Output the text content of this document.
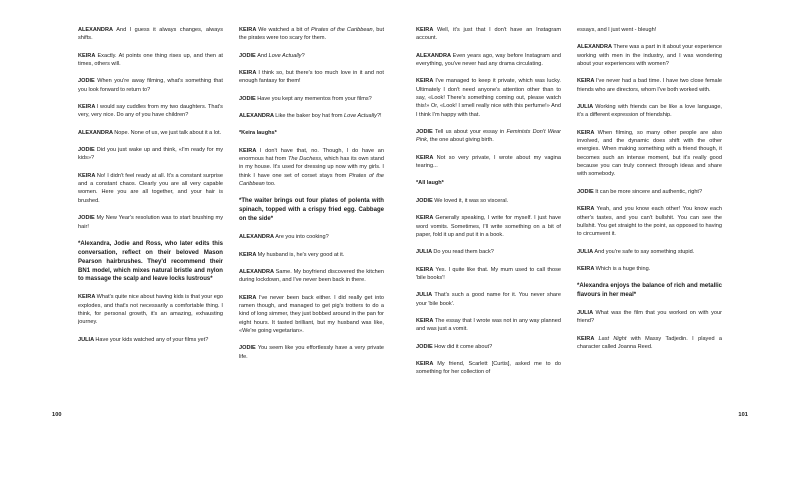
ALEXANDRA And I guess it always changes, always shifts.

KEIRA Exactly. At points one thing rises up, and then at times, others will.

JODIE When you're away filming, what's something that you look forward to return to?

KEIRA I would say cuddles from my two daughters. That's very, very nice. Do any of you have children?

ALEXANDRA Nope. None of us, we just talk about it a lot.

JODIE Did you just wake up and think, «I'm ready for my kids»?

KEIRA No! I didn't feel ready at all. It's a constant surprise and a constant chaos. Clearly you are all very capable women. Here you are all together, and your hair is brushed.

JODIE My New Year's resolution was to start brushing my hair!

*Alexandra, Jodie and Ross, who later edits this conversation, reflect on their beloved Mason Pearson hairbrushes. They'd recommend their BN1 model, which mixes natural bristle and nylon to massage the scalp and leave locks lustrous*

KEIRA What's quite nice about having kids is that your ego explodes, and that's not necessarily a comfortable thing. I think, for personal growth, it's an amazing, exhausting journey.

JULIA Have your kids watched any of your films yet?

KEIRA We watched a bit of Pirates of the Caribbean, but the pirates were too scary for them.

JODIE And Love Actually?

KEIRA I think so, but there's too much love in it and not enough fantasy for them!

JODIE Have you kept any mementos from your films?

ALEXANDRA Like the baker boy hat from Love Actually?!

*Keira laughs*

KEIRA I don't have that, no. Though, I do have an enormous hat from The Duchess, which has its own stand in my house. It's used for dressing up now with my girls. I think I have one set of corset stays from Pirates of the Caribbean too.

*The waiter brings out four plates of polenta with spinach, topped with a crispy fried egg. Cabbage on the side*

ALEXANDRA Are you into cooking?

KEIRA My husband is, he's very good at it.

ALEXANDRA Same. My boyfriend discovered the kitchen during lockdown, and I've never been back in there.

KEIRA I've never been back either. I did really get into ramen though, and managed to get pig's trotters to do a kind of long simmer, they just bobbed around in the pan for eight hours. It tasted brilliant, but my husband was like, «We're going vegetarian».

JODIE You seem like you effortlessly have a very private life.

100

KEIRA Well, it's just that I don't have an Instagram account.

ALEXANDRA Even years ago, way before Instagram and everything, you've never had any drama circulating.

KEIRA I've managed to keep it private, which was lucky. Ultimately I don't need anyone's attention other than to say, «Look! There's something coming out, please watch this!» Or, «Look! I smell really nice with this perfume!» And I think I'm happy with that.

JODIE Tell us about your essay in Feminists Don't Wear Pink, the one about giving birth.

KEIRA Not so very private, I wrote about my vagina tearing...

*All laugh*

JODIE We loved it, it was so visceral.

KEIRA Generally speaking, I write for myself. I just have word vomits. Sometimes, I'll write something on a bit of paper, fold it up and put it in a book.

JULIA Do you read them back?

KEIRA Yes. I quite like that. My mum used to call those 'bile books'!

JULIA That's such a good name for it. You never share your 'bile book'.

KEIRA The essay that I wrote was not in any way planned and was just a vomit.

JODIE How did it come about?

KEIRA My friend, Scarlett [Curtis], asked me to do something for her collection of

essays, and I just went - bleugh!

ALEXANDRA There was a part in it about your experience working with men in the industry, and I was wondering about your experiences with women?

KEIRA I've never had a bad time. I have two close female friends who are directors, whom I've both worked with.

JULIA Working with friends can be like a love language, it's a different expression of friendship.

KEIRA When filming, so many other people are also involved, and the dynamic does shift with the other energies. When making something with a friend though, it becomes such an intense moment, but it's really good because you can truly connect through ideas and share with somebody.

JODIE It can be more sincere and authentic, right?

KEIRA Yeah, and you know each other! You know each other's tastes, and you can't bullshit. You can see the bullshit. You get straight to the point, as opposed to having to circumvent it.

JULIA And you're safe to say something stupid.

KEIRA Which is a huge thing.

*Alexandra enjoys the balance of rich and metallic flavours in her meal*

JULIA What was the film that you worked on with your friend?

KEIRA Last Night with Massy Tadjedin. I played a character called Joanna Reed.

101
